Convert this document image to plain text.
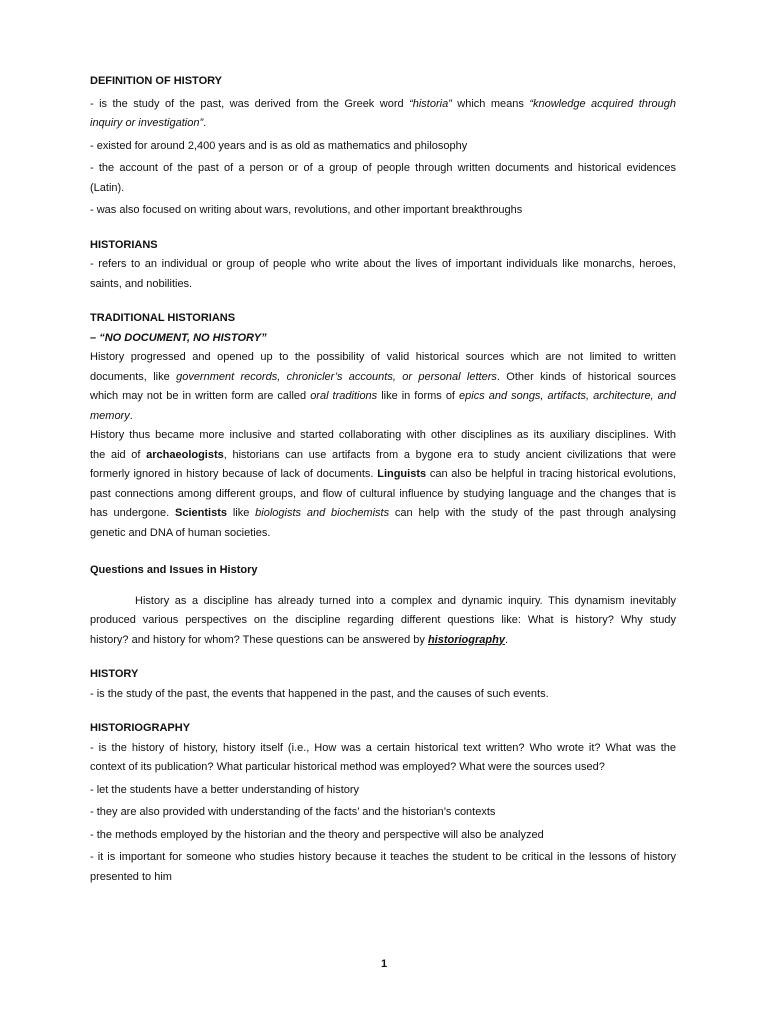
DEFINITION OF HISTORY
- is the study of the past, was derived from the Greek word “historia” which means “knowledge acquired through
inquiry or investigation”.
- existed for around 2,400 years and is as old as mathematics and philosophy
- the account of the past of a person or of a group of people through written documents and historical evidences
(Latin).
- was also focused on writing about wars, revolutions, and other important breakthroughs
HISTORIANS
- refers to an individual or group of people who write about the lives of important individuals like monarchs, heroes,
saints, and nobilities.
TRADITIONAL HISTORIANS
– “NO DOCUMENT, NO HISTORY”
History progressed and opened up to the possibility of valid historical sources which are not limited to written
documents, like government records, chronicler’s accounts, or personal letters. Other kinds of historical sources
which may not be in written form are called oral traditions like in forms of epics and songs, artifacts, architecture, and
memory.
History thus became more inclusive and started collaborating with other disciplines as its auxiliary disciplines. With
the aid of archaeologists, historians can use artifacts from a bygone era to study ancient civilizations that were
formerly ignored in history because of lack of documents. Linguists can also be helpful in tracing historical evolutions,
past connections among different groups, and flow of cultural influence by studying language and the changes that is
has undergone. Scientists like biologists and biochemists can help with the study of the past through analysing
genetic and DNA of human societies.
Questions and Issues in History
History as a discipline has already turned into a complex and dynamic inquiry. This dynamism inevitably
produced various perspectives on the discipline regarding different questions like: What is history? Why study
history? and history for whom? These questions can be answered by historiography.
HISTORY
- is the study of the past, the events that happened in the past, and the causes of such events.
HISTORIOGRAPHY
- is the history of history, history itself (i.e., How was a certain historical text written? Who wrote it? What was the
context of its publication? What particular historical method was employed? What were the sources used?
- let the students have a better understanding of history
- they are also provided with understanding of the facts’ and the historian’s contexts
- the methods employed by the historian and the theory and perspective will also be analyzed
- it is important for someone who studies history because it teaches the student to be critical in the lessons of history
presented to him
1
